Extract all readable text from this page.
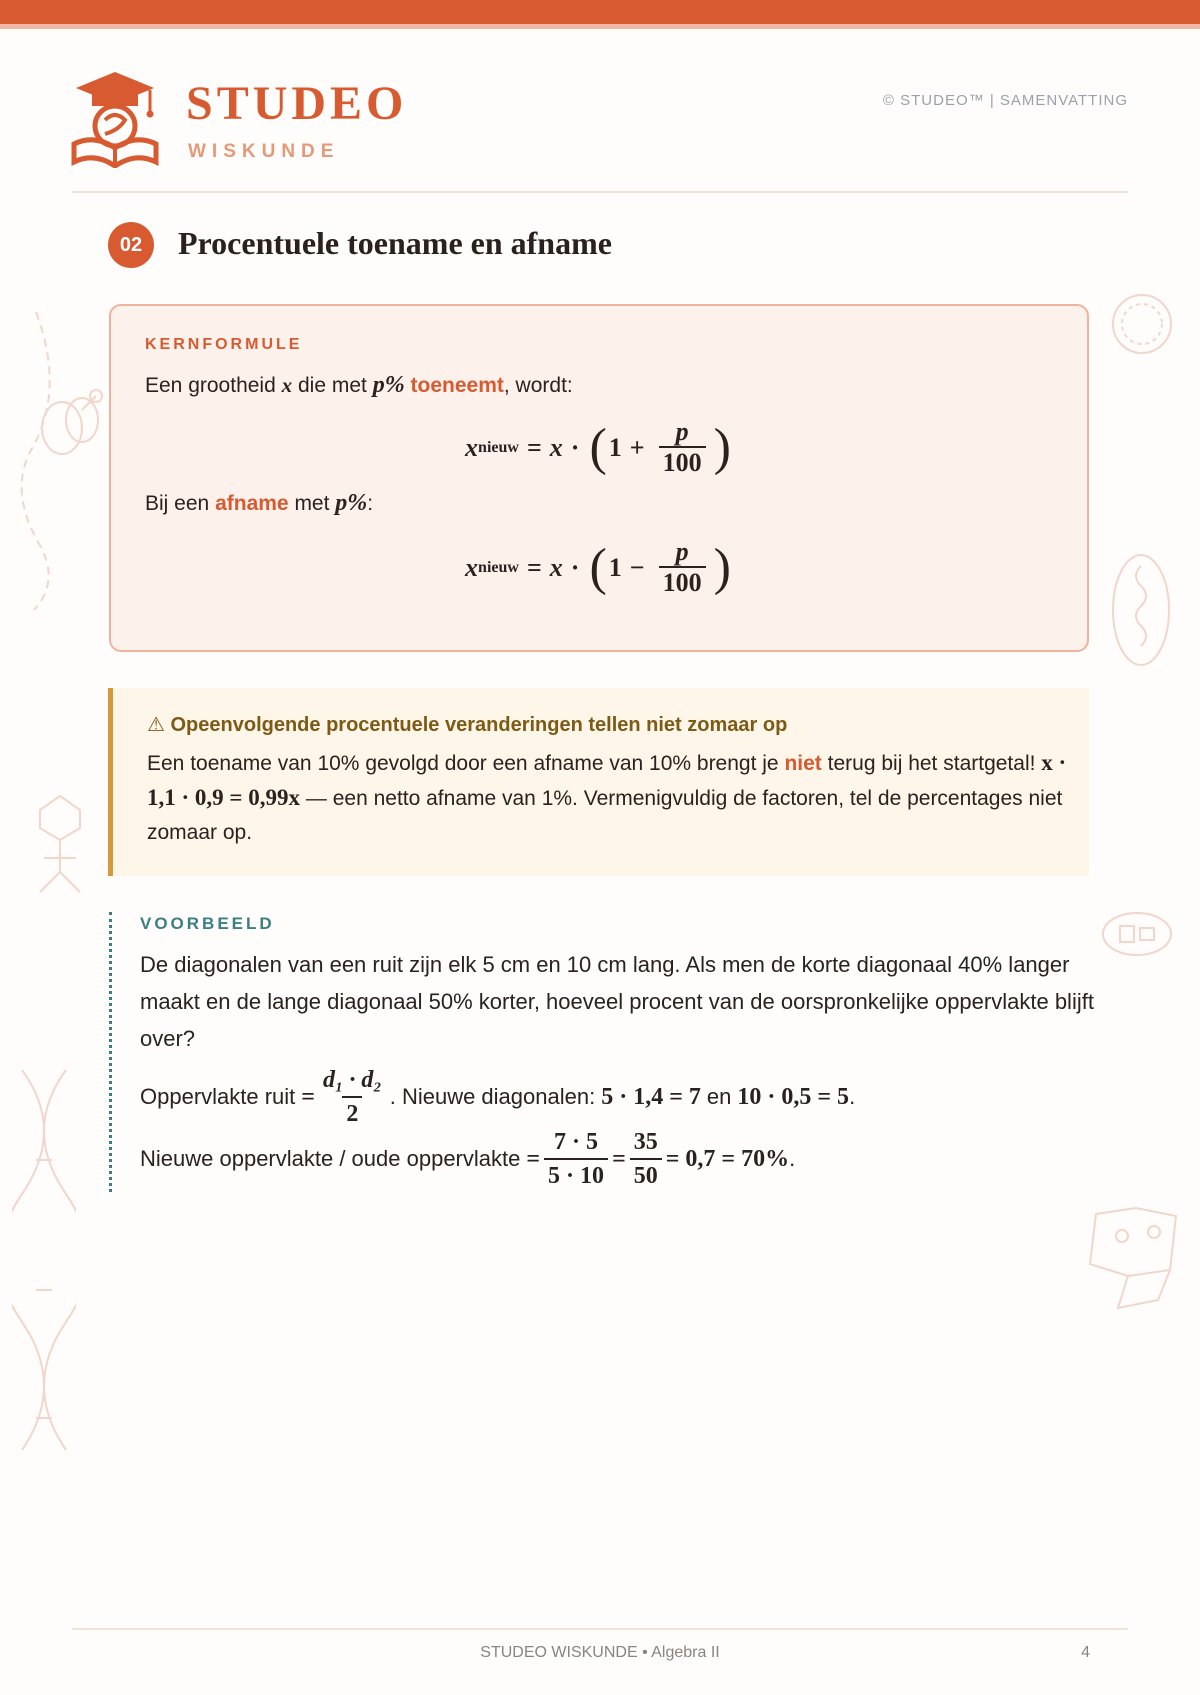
STUDEO
WISKUNDE
© STUDEO™ | SAMENVATTING
02	Procentuele toename en afname
KERNFORMULE
Een grootheid x die met p% toeneemt, wordt:
x nieuw = x · ( $1 + \frac{p}{100}$ )
Bij een afname met p%:
x nieuw = x · ( $1 - \frac{p}{100}$ )
⚠ Opeenvolgende procentuele veranderingen tellen niet zomaar op
Een toename van 10% gevolgd door een afname van 10% brengt je niet terug bij het startgetal! x · 1,1 · 0,9 = 0,99x — een netto afname van 1%. Vermenigvuldig de factoren, tel de percentages niet zomaar op.
VOORBEELD
De diagonalen van een ruit zijn elk 5 cm en 10 cm lang. Als men de korte diagonaal 40% langer maakt en de lange diagonaal 50% korter, hoeveel procent van de oorspronkelijke oppervlakte blijft over?
Oppervlakte ruit = $\frac{\text{d₁ · d₂}}{2}$ . Nieuwe diagonalen: 5 · 1,4 = 7 en 10 · 0,5 = 5 .
Nieuwe oppervlakte / oude oppervlakte = $\frac{7 \cdot 5}{5 \cdot 10} = \frac{35}{50} = 0,7 = 70\%$ .
STUDEO WISKUNDE • Algebra II	4
